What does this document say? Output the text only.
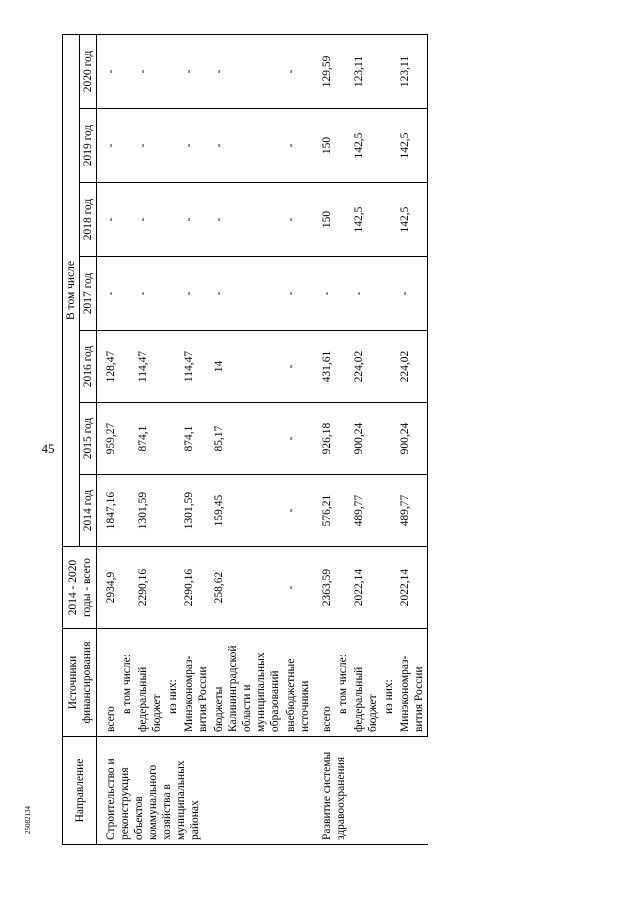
45
25082134	Направление	Источники финансирования	2014 - 2020 годы - всего	В том числе						
			2014 год	2015 год	2016 год	2017 год	2018 год	2019 год	2020 год

Строительство и реконструкция объектов коммунального хозяйства в муниципальных районах	всего	2934,9	1847,16	959,27	128,47	-	-	-	-
	в том числе:								
	федеральный бюджет	2290,16	1301,59	874,1	114,47	-	-	-	-
	из них:								
	Минэкономраз-вития России	2290,16	1301,59	874,1	114,47	-	-	-	-
	бюджеты Калининградской области и муниципальных образований	258,62	159,45	85,17	14	-	-	-	-
	внебюджетные источники	-	-	-	-	-	-	-	-

Развитие системы здравоохранения	всего	2363,59	576,21	926,18	431,61	-	150	150	129,59
	в том числе:								
	федеральный бюджет	2022,14	489,77	900,24	224,02	-	142,5	142,5	123,11
	из них:								
	Минэкономраз-вития России	2022,14	489,77	900,24	224,02	-	142,5	142,5	123,11
